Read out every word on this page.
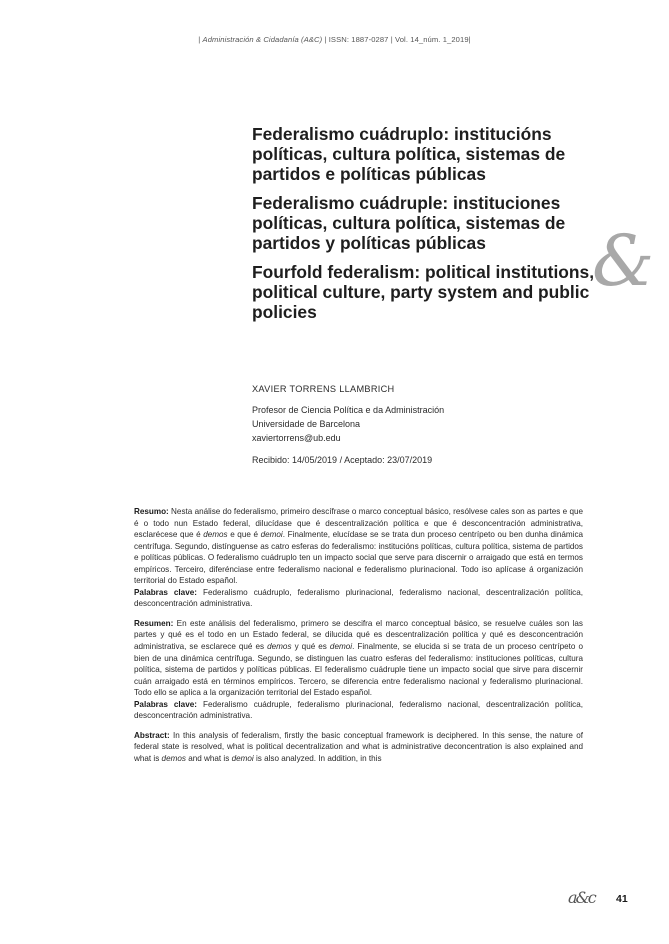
| Administración & Cidadanía (A&C) | ISSN: 1887-0287 | Vol. 14_núm. 1_2019|
Federalismo cuádruplo: institucións políticas, cultura política, sistemas de partidos e políticas públicas
Federalismo cuádruple: instituciones políticas, cultura política, sistemas de partidos y políticas públicas
Fourfold federalism: political institutions, political culture, party system and public policies
&
XAVIER TORRENS LLAMBRICH
Profesor de Ciencia Política e da Administración
Universidade de Barcelona
xaviertorrens@ub.edu
Recibido: 14/05/2019 / Aceptado: 23/07/2019

Resumo: Nesta análise do federalismo, primeiro descífrase o marco conceptual básico, resólvese cales son as partes e que é o todo nun Estado federal, dilucídase que é descentralización política e que é desconcentración administrativa, esclarécese que é demos e que é demoi. Finalmente, elucídase se se trata dun proceso centrípeto ou ben dunha dinámica centrífuga. Segundo, distínguense as catro esferas do federalismo: institucións políticas, cultura política, sistema de partidos e políticas públicas. O federalismo cuádruplo ten un impacto social que serve para discernir o arraigado que está en termos empíricos. Terceiro, diferénciase entre federalismo nacional e federalismo plurinacional. Todo iso aplícase á organización territorial do Estado español.

Palabras clave: Federalismo cuádruplo, federalismo plurinacional, federalismo nacional, descentralización política, desconcentración administrativa.

Resumen: En este análisis del federalismo, primero se descifra el marco conceptual básico, se resuelve cuáles son las partes y qué es el todo en un Estado federal, se dilucida qué es descentralización política y qué es desconcentración administrativa, se esclarece qué es demos y qué es demoi. Finalmente, se elucida si se trata de un proceso centrípeto o bien de una dinámica centrífuga. Segundo, se distinguen las cuatro esferas del federalismo: instituciones políticas, cultura política, sistema de partidos y políticas públicas. El federalismo cuádruple tiene un impacto social que sirve para discernir cuán arraigado está en términos empíricos. Tercero, se diferencia entre federalismo nacional y federalismo plurinacional. Todo ello se aplica a la organización territorial del Estado español.

Palabras clave: Federalismo cuádruple, federalismo plurinacional, federalismo nacional, descentralización política, desconcentración administrativa.

Abstract: In this analysis of federalism, firstly the basic conceptual framework is deciphered. In this sense, the nature of federal state is resolved, what is political decentralization and what is administrative deconcentration is also explained and what is demos and what is demoi is also analyzed. In addition, in this

a&c 41
